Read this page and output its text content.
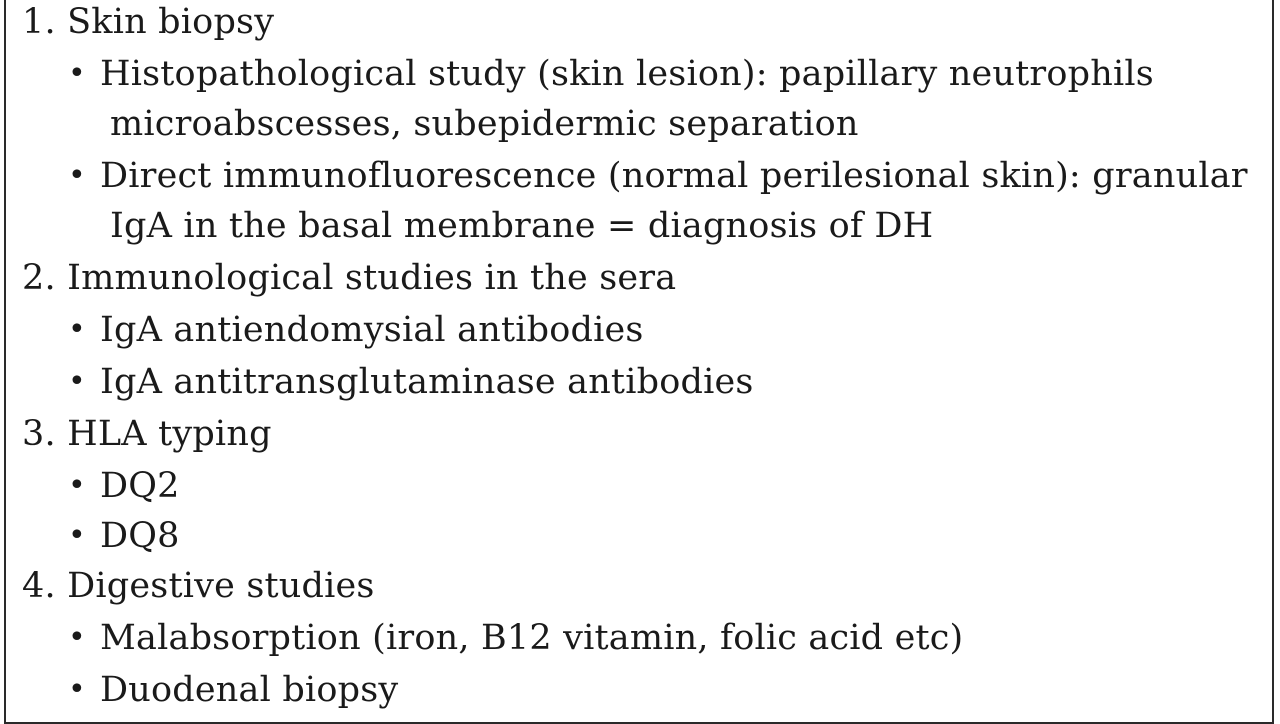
1. Skin biopsy
• Histopathological study (skin lesion): papillary neutrophils
microabscesses, subepidermic separation
• Direct immunofluorescence (normal perilesional skin): granular
IgA in the basal membrane = diagnosis of DH
2. Immunological studies in the sera
• IgA antiendomysial antibodies
• IgA antitransglutaminase antibodies
3. HLA typing
• DQ2
• DQ8
4. Digestive studies
• Malabsorption (iron, B12 vitamin, folic acid etc)
• Duodenal biopsy
